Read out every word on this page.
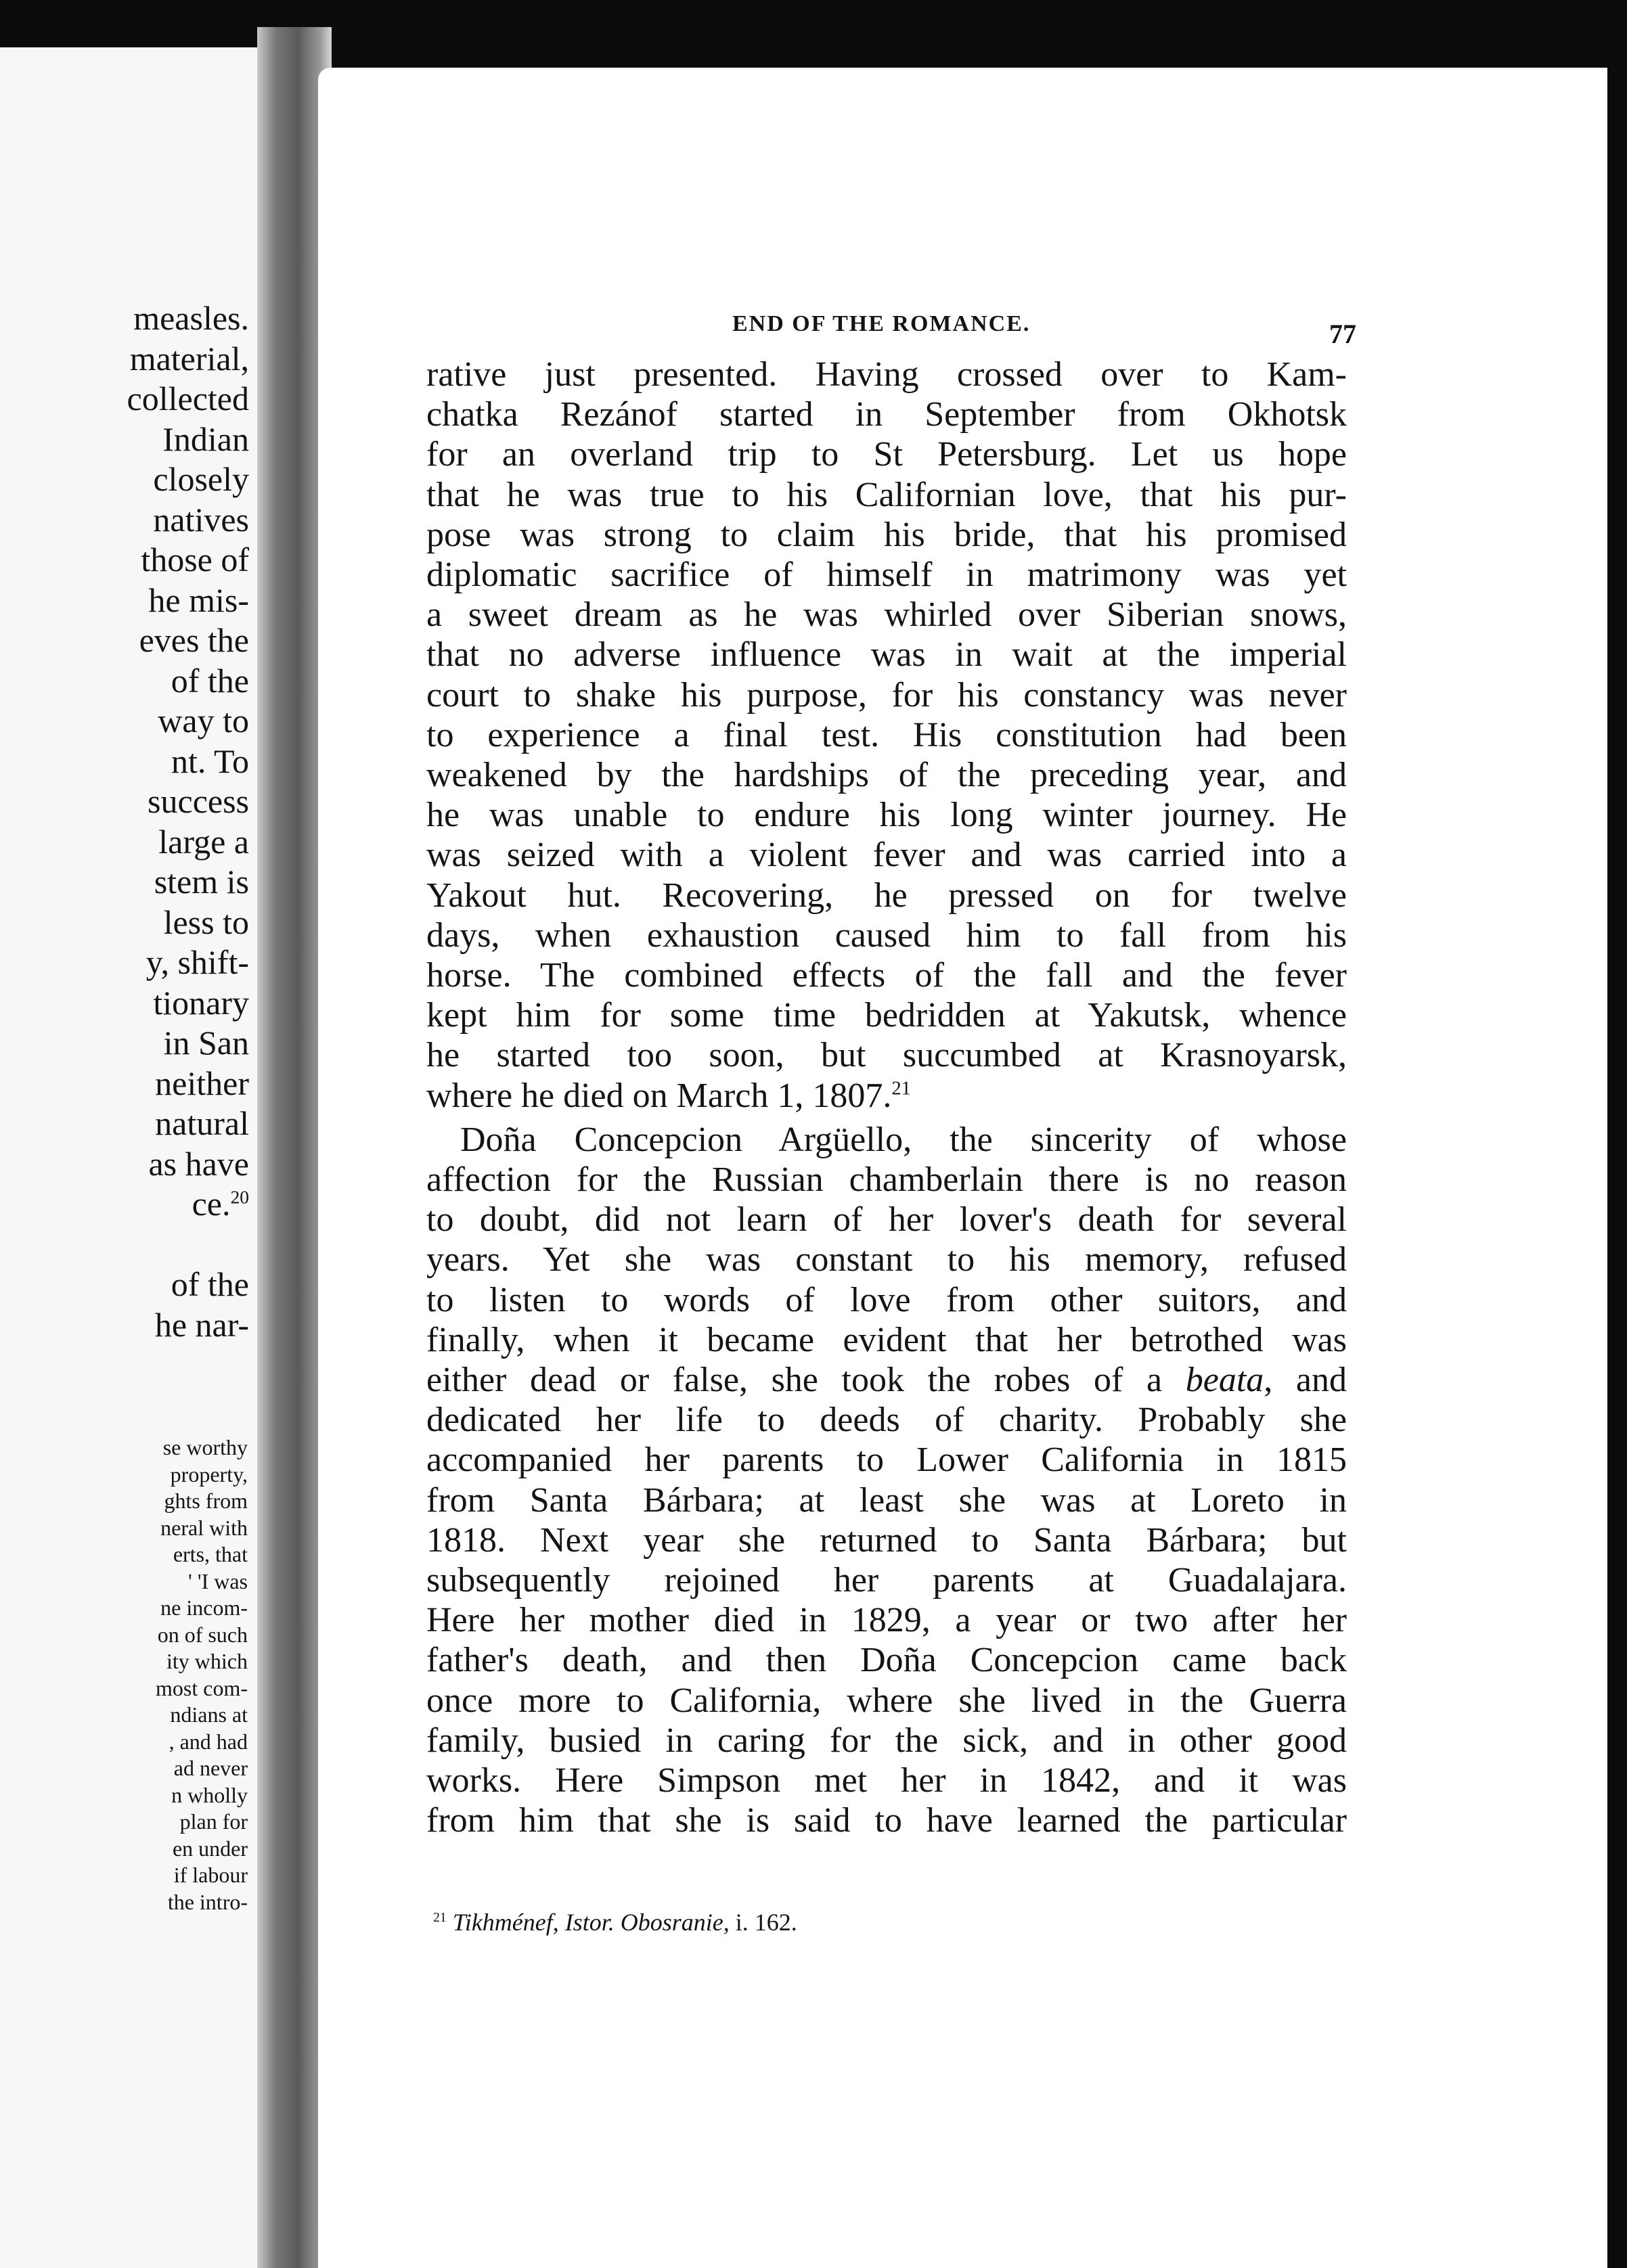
measles.
material,
collected
Indian
closely
natives
those of
he mis-
eves the
of the
way to
nt. To
success
large a
stem is
less to
y, shift-
tionary
in San
neither
natural
as have
ce.$^{20}$
of the
he nar-
se worthy
property,
ghts from
neral with
erts, that
' 'I was
ne incom-
on of such
ity which
most com-
ndians at
, and had
ad never
n wholly
plan for
en under
if labour
the intro-
END OF THE ROMANCE.	77
rative just presented. Having crossed over to Kam-
chatka Rezánof started in September from Okhotsk
for an overland trip to St Petersburg. Let us hope
that he was true to his Californian love, that his pur-
pose was strong to claim his bride, that his promised
diplomatic sacrifice of himself in matrimony was yet
a sweet dream as he was whirled over Siberian snows,
that no adverse influence was in wait at the imperial
court to shake his purpose, for his constancy was never
to experience a final test. His constitution had been
weakened by the hardships of the preceding year, and
he was unable to endure his long winter journey. He
was seized with a violent fever and was carried into a
Yakout hut. Recovering, he pressed on for twelve
days, when exhaustion caused him to fall from his
horse. The combined effects of the fall and the fever
kept him for some time bedridden at Yakutsk, whence
he started too soon, but succumbed at Krasnoyarsk,
where he died on March 1, 1807.21
Doña Concepcion Argüello, the sincerity of whose
affection for the Russian chamberlain there is no reason
to doubt, did not learn of her lover's death for several
years. Yet she was constant to his memory, refused
to listen to words of love from other suitors, and
finally, when it became evident that her betrothed was
either dead or false, she took the robes of a beata, and
dedicated her life to deeds of charity. Probably she
accompanied her parents to Lower California in 1815
from Santa Bárbara; at least she was at Loreto in
1818. Next year she returned to Santa Bárbara; but
subsequently rejoined her parents at Guadalajara.
Here her mother died in 1829, a year or two after her
father's death, and then Doña Concepcion came back
once more to California, where she lived in the Guerra
family, busied in caring for the sick, and in other good
works. Here Simpson met her in 1842, and it was
from him that she is said to have learned the particular
$^{21}$ Tikhménef, Istor. Obosranie, i. 162.
